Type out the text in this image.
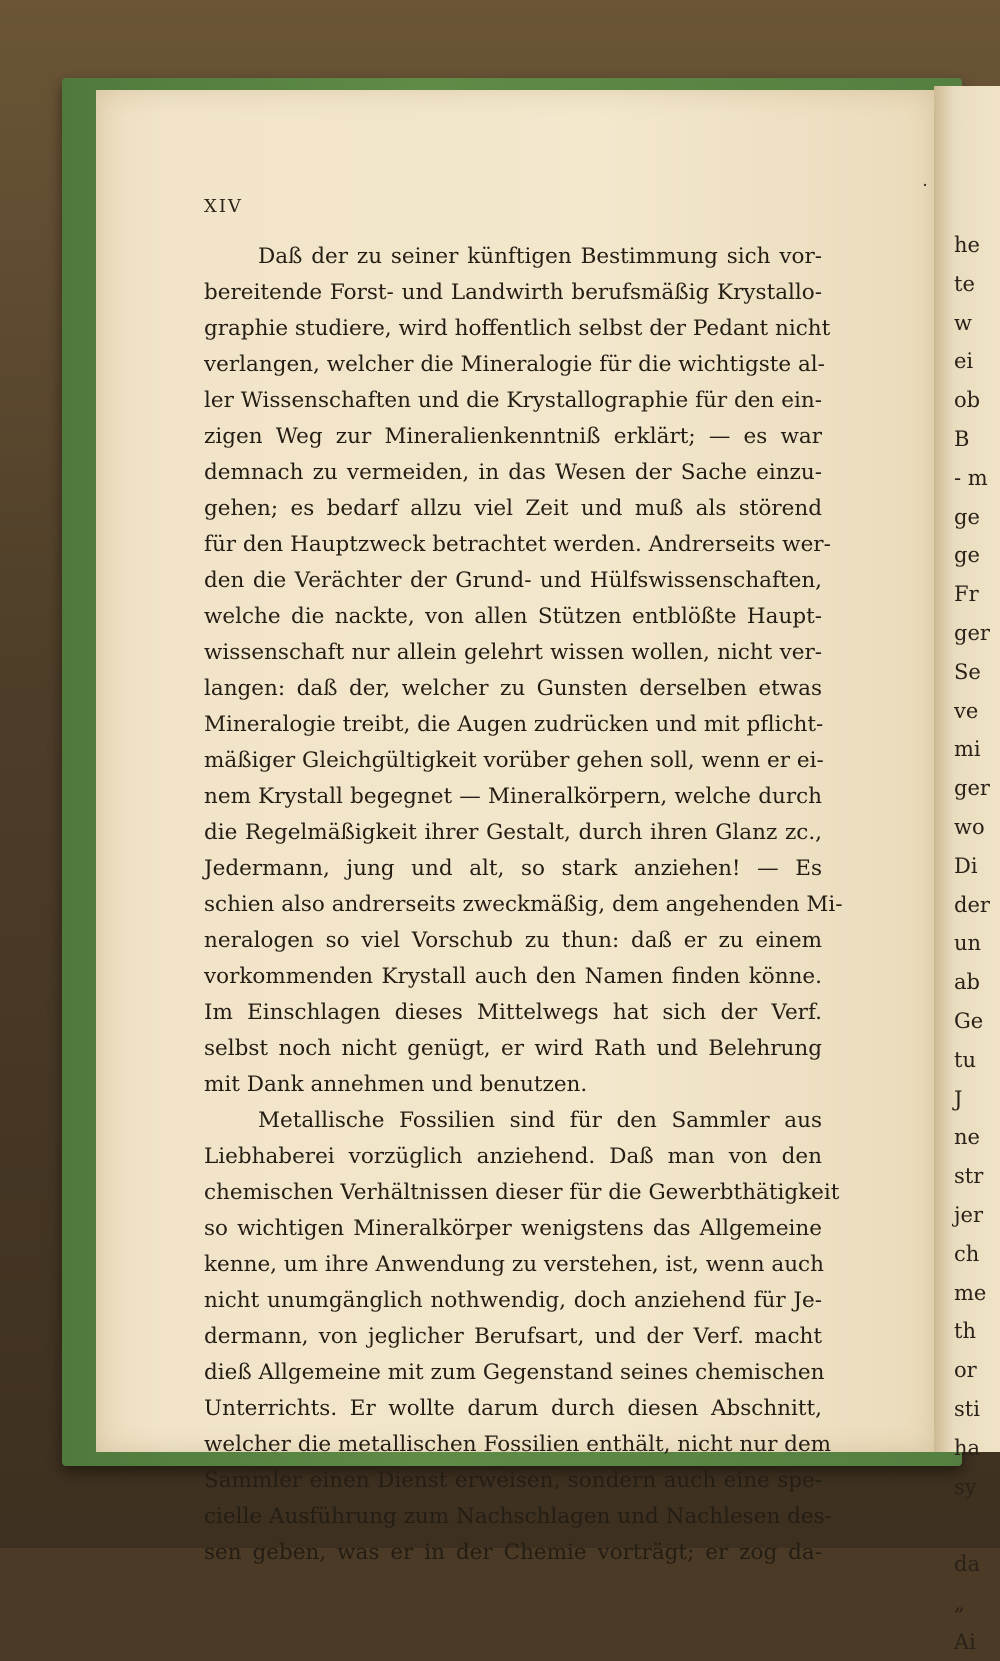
he
te
w
ei
ob
B
- m
ge
ge
Fr
ger
Se
ve
mi
ger
wo
Di
der
un
ab
Ge
tu
J
ne
str
jer
ch
me
th
or
sti
ha
sy
da
„
Ai
XIV
Daß der zu seiner künftigen Bestimmung sich vor-
bereitende Forst- und Landwirth berufsmäßig Krystallo-
graphie studiere, wird hoffentlich selbst der Pedant nicht
verlangen, welcher die Mineralogie für die wichtigste al-
ler Wissenschaften und die Krystallographie für den ein-
zigen Weg zur Mineralienkenntniß erklärt; — es war
demnach zu vermeiden, in das Wesen der Sache einzu-
gehen; es bedarf allzu viel Zeit und muß als störend
für den Hauptzweck betrachtet werden. Andrerseits wer-
den die Verächter der Grund- und Hülfswissenschaften,
welche die nackte, von allen Stützen entblößte Haupt-
wissenschaft nur allein gelehrt wissen wollen, nicht ver-
langen: daß der, welcher zu Gunsten derselben etwas
Mineralogie treibt, die Augen zudrücken und mit pflicht-
mäßiger Gleichgültigkeit vorüber gehen soll, wenn er ei-
nem Krystall begegnet — Mineralkörpern, welche durch
die Regelmäßigkeit ihrer Gestalt, durch ihren Glanz zc.,
Jedermann, jung und alt, so stark anziehen! — Es
schien also andrerseits zweckmäßig, dem angehenden Mi-
neralogen so viel Vorschub zu thun: daß er zu einem
vorkommenden Krystall auch den Namen finden könne.
Im Einschlagen dieses Mittelwegs hat sich der Verf.
selbst noch nicht genügt, er wird Rath und Belehrung
mit Dank annehmen und benutzen.
Metallische Fossilien sind für den Sammler aus
Liebhaberei vorzüglich anziehend. Daß man von den
chemischen Verhältnissen dieser für die Gewerbthätigkeit
so wichtigen Mineralkörper wenigstens das Allgemeine
kenne, um ihre Anwendung zu verstehen, ist, wenn auch
nicht unumgänglich nothwendig, doch anziehend für Je-
dermann, von jeglicher Berufsart, und der Verf. macht
dieß Allgemeine mit zum Gegenstand seines chemischen
Unterrichts. Er wollte darum durch diesen Abschnitt,
welcher die metallischen Fossilien enthält, nicht nur dem
Sammler einen Dienst erweisen, sondern auch eine spe-
cielle Ausführung zum Nachschlagen und Nachlesen des-
sen geben, was er in der Chemie vorträgt; er zog da-
˙
